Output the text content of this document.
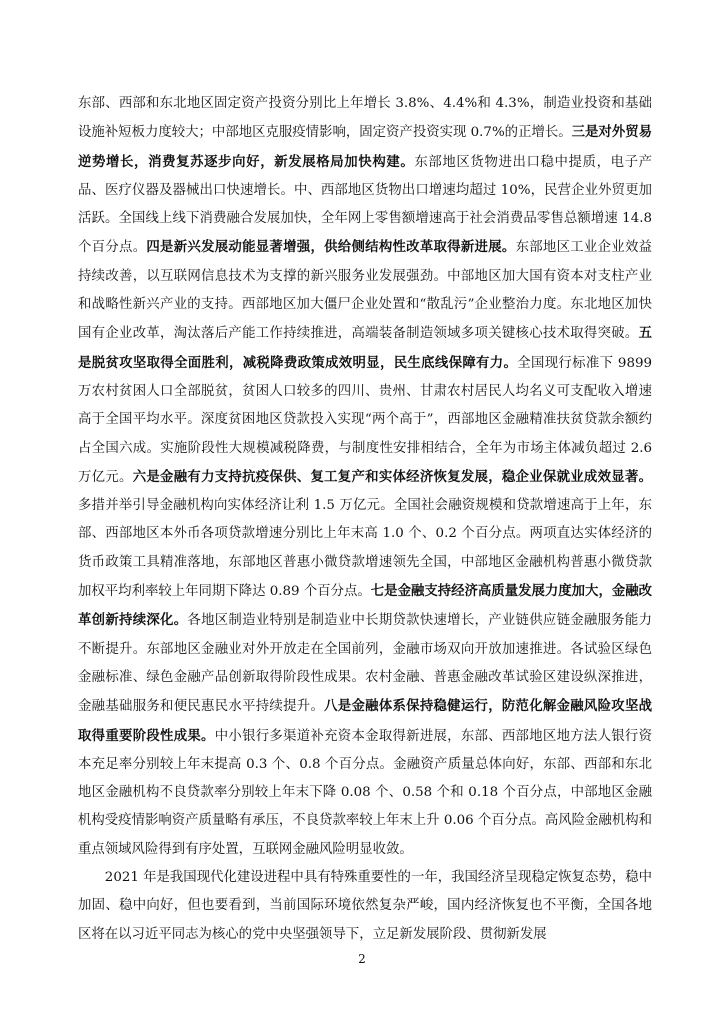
东部、西部和东北地区固定资产投资分别比上年增长 3.8%、4.4%和 4.3%，制造业投资和基础设施补短板力度较大；中部地区克服疫情影响，固定资产投资实现 0.7%的正增长。三是对外贸易逆势增长，消费复苏逐步向好，新发展格局加快构建。东部地区货物进出口稳中提质，电子产品、医疗仪器及器械出口快速增长。中、西部地区货物出口增速均超过 10%，民营企业外贸更加活跃。全国线上线下消费融合发展加快，全年网上零售额增速高于社会消费品零售总额增速 14.8 个百分点。四是新兴发展动能显著增强，供给侧结构性改革取得新进展。东部地区工业企业效益持续改善，以互联网信息技术为支撑的新兴服务业发展强劲。中部地区加大国有资本对支柱产业和战略性新兴产业的支持。西部地区加大僵尸企业处置和“散乱污”企业整治力度。东北地区加快国有企业改革，淘汰落后产能工作持续推进，高端装备制造领域多项关键核心技术取得突破。五是脱贫攻坚取得全面胜利，减税降费政策成效明显，民生底线保障有力。全国现行标准下 9899 万农村贫困人口全部脱贫，贫困人口较多的四川、贵州、甘肃农村居民人均名义可支配收入增速高于全国平均水平。深度贫困地区贷款投入实现“两个高于”，西部地区金融精准扶贫贷款余额约占全国六成。实施阶段性大规模减税降费，与制度性安排相结合，全年为市场主体减负超过 2.6 万亿元。六是金融有力支持抗疫保供、复工复产和实体经济恢复发展，稳企业保就业成效显著。多措并举引导金融机构向实体经济让利 1.5 万亿元。全国社会融资规模和贷款增速高于上年，东部、西部地区本外币各项贷款增速分别比上年末高 1.0 个、0.2 个百分点。两项直达实体经济的货币政策工具精准落地，东部地区普惠小微贷款增速领先全国，中部地区金融机构普惠小微贷款加权平均利率较上年同期下降达 0.89 个百分点。七是金融支持经济高质量发展力度加大，金融改革创新持续深化。各地区制造业特别是制造业中长期贷款快速增长，产业链供应链金融服务能力不断提升。东部地区金融业对外开放走在全国前列，金融市场双向开放加速推进。各试验区绿色金融标准、绿色金融产品创新取得阶段性成果。农村金融、普惠金融改革试验区建设纵深推进，金融基础服务和便民惠民水平持续提升。八是金融体系保持稳健运行，防范化解金融风险攻坚战取得重要阶段性成果。中小银行多渠道补充资本金取得新进展，东部、西部地区地方法人银行资本充足率分别较上年末提高 0.3 个、0.8 个百分点。金融资产质量总体向好，东部、西部和东北地区金融机构不良贷款率分别较上年末下降 0.08 个、0.58 个和 0.18 个百分点，中部地区金融机构受疫情影响资产质量略有承压，不良贷款率较上年末上升 0.06 个百分点。高风险金融机构和重点领域风险得到有序处置，互联网金融风险明显收敛。

2021 年是我国现代化建设进程中具有特殊重要性的一年，我国经济呈现稳定恢复态势，稳中加固、稳中向好，但也要看到，当前国际环境依然复杂严峻，国内经济恢复也不平衡，全国各地区将在以习近平同志为核心的党中央坚强领导下，立足新发展阶段、贯彻新发展

2
